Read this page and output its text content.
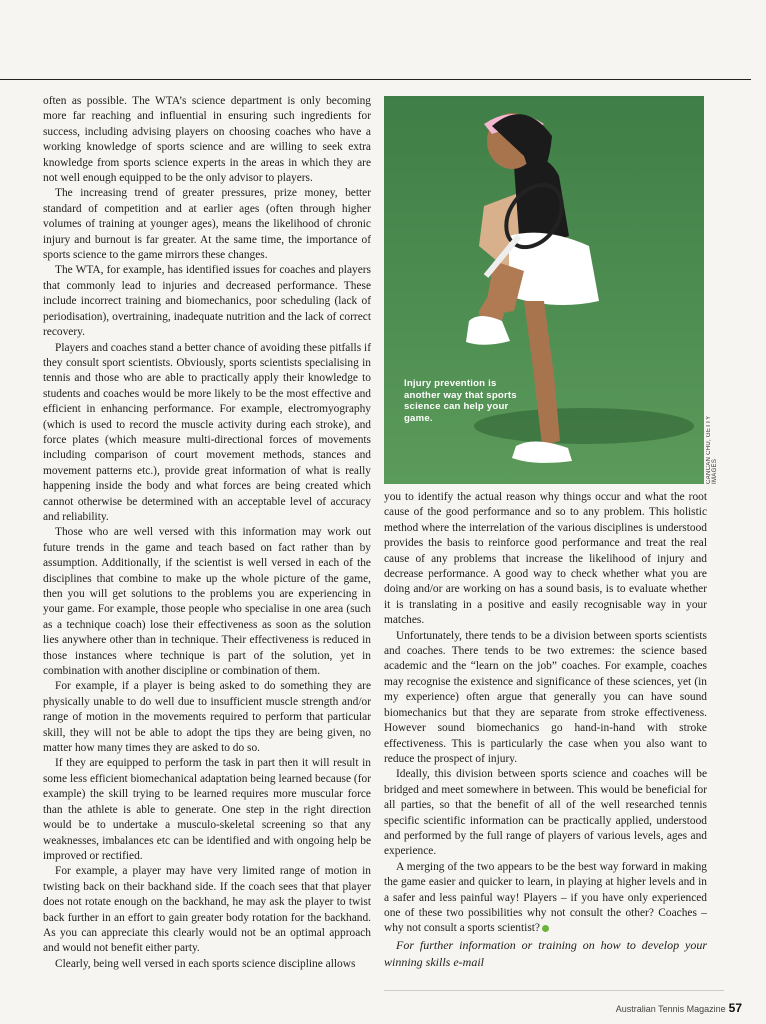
often as possible. The WTA’s science department is only becoming more far reaching and influential in ensuring such ingredients for success, including advising players on choosing coaches who have a working knowledge of sports science and are willing to seek extra knowledge from sports science experts in the areas in which they are not well enough equipped to be the only advisor to players.

The increasing trend of greater pressures, prize money, better standard of competition and at earlier ages (often through higher volumes of training at younger ages), means the likelihood of chronic injury and burnout is far greater. At the same time, the importance of sports science to the game mirrors these changes.

The WTA, for example, has identified issues for coaches and players that commonly lead to injuries and decreased performance. These include incorrect training and biomechanics, poor scheduling (lack of periodisation), overtraining, inadequate nutrition and the lack of correct recovery.

Players and coaches stand a better chance of avoiding these pitfalls if they consult sport scientists. Obviously, sports scientists specialising in tennis and those who are able to practically apply their knowledge to students and coaches would be more likely to be the most effective and efficient in enhancing performance. For example, electromyography (which is used to record the muscle activity during each stroke), and force plates (which measure multi-directional forces of movements including comparison of court movement methods, stances and movement patterns etc.), provide great information of what is really happening inside the body and what forces are being created which cannot otherwise be determined with an acceptable level of accuracy and reliability.

Those who are well versed with this information may work out future trends in the game and teach based on fact rather than by assumption. Additionally, if the scientist is well versed in each of the disciplines that combine to make up the whole picture of the game, then you will get solutions to the problems you are experiencing in your game. For example, those people who specialise in one area (such as a technique coach) lose their effectiveness as soon as the solution lies anywhere other than in technique. Their effectiveness is reduced in those instances where technique is part of the solution, yet in combination with another discipline or combination of them.

For example, if a player is being asked to do something they are physically unable to do well due to insufficient muscle strength and/or range of motion in the movements required to perform that particular skill, they will not be able to adopt the tips they are being given, no matter how many times they are asked to do so.

If they are equipped to perform the task in part then it will result in some less efficient biomechanical adaptation being learned because (for example) the skill trying to be learned requires more muscular force than the athlete is able to generate. One step in the right direction would be to undertake a musculo-skeletal screening so that any weaknesses, imbalances etc can be identified and with ongoing help be improved or rectified.

For example, a player may have very limited range of motion in twisting back on their backhand side. If the coach sees that that player does not rotate enough on the backhand, he may ask the player to twist back further in an effort to gain greater body rotation for the backhand. As you can appreciate this clearly would not be an optimal approach and would not benefit either party.

Clearly, being well versed in each sports science discipline allows

Injury prevention is another way that sports science can help your game.	CANCAN CHU, GETTY IMAGES

you to identify the actual reason why things occur and what the root cause of the good performance and so to any problem. This holistic method where the interrelation of the various disciplines is understood provides the basis to reinforce good performance and treat the real cause of any problems that increase the likelihood of injury and decrease performance. A good way to check whether what you are doing and/or are working on has a sound basis, is to evaluate whether it is translating in a positive and easily recognisable way in your matches.

Unfortunately, there tends to be a division between sports scientists and coaches. There tends to be two extremes: the science based academic and the “learn on the job” coaches. For example, coaches may recognise the existence and significance of these sciences, yet (in my experience) often argue that generally you can have sound biomechanics but that they are separate from stroke effectiveness. However sound biomechanics go hand-in-hand with stroke effectiveness. This is particularly the case when you also want to reduce the prospect of injury.

Ideally, this division between sports science and coaches will be bridged and meet somewhere in between. This would be beneficial for all parties, so that the benefit of all of the well researched tennis specific scientific information can be practically applied, understood and performed by the full range of players of various levels, ages and experience.

A merging of the two appears to be the best way forward in making the game easier and quicker to learn, in playing at higher levels and in a safer and less painful way! Players – if you have only experienced one of these two possibilities why not consult the other? Coaches – why not consult a sports scientist?

For further information or training on how to develop your winning skills e-mail

Australian Tennis Magazine 57
